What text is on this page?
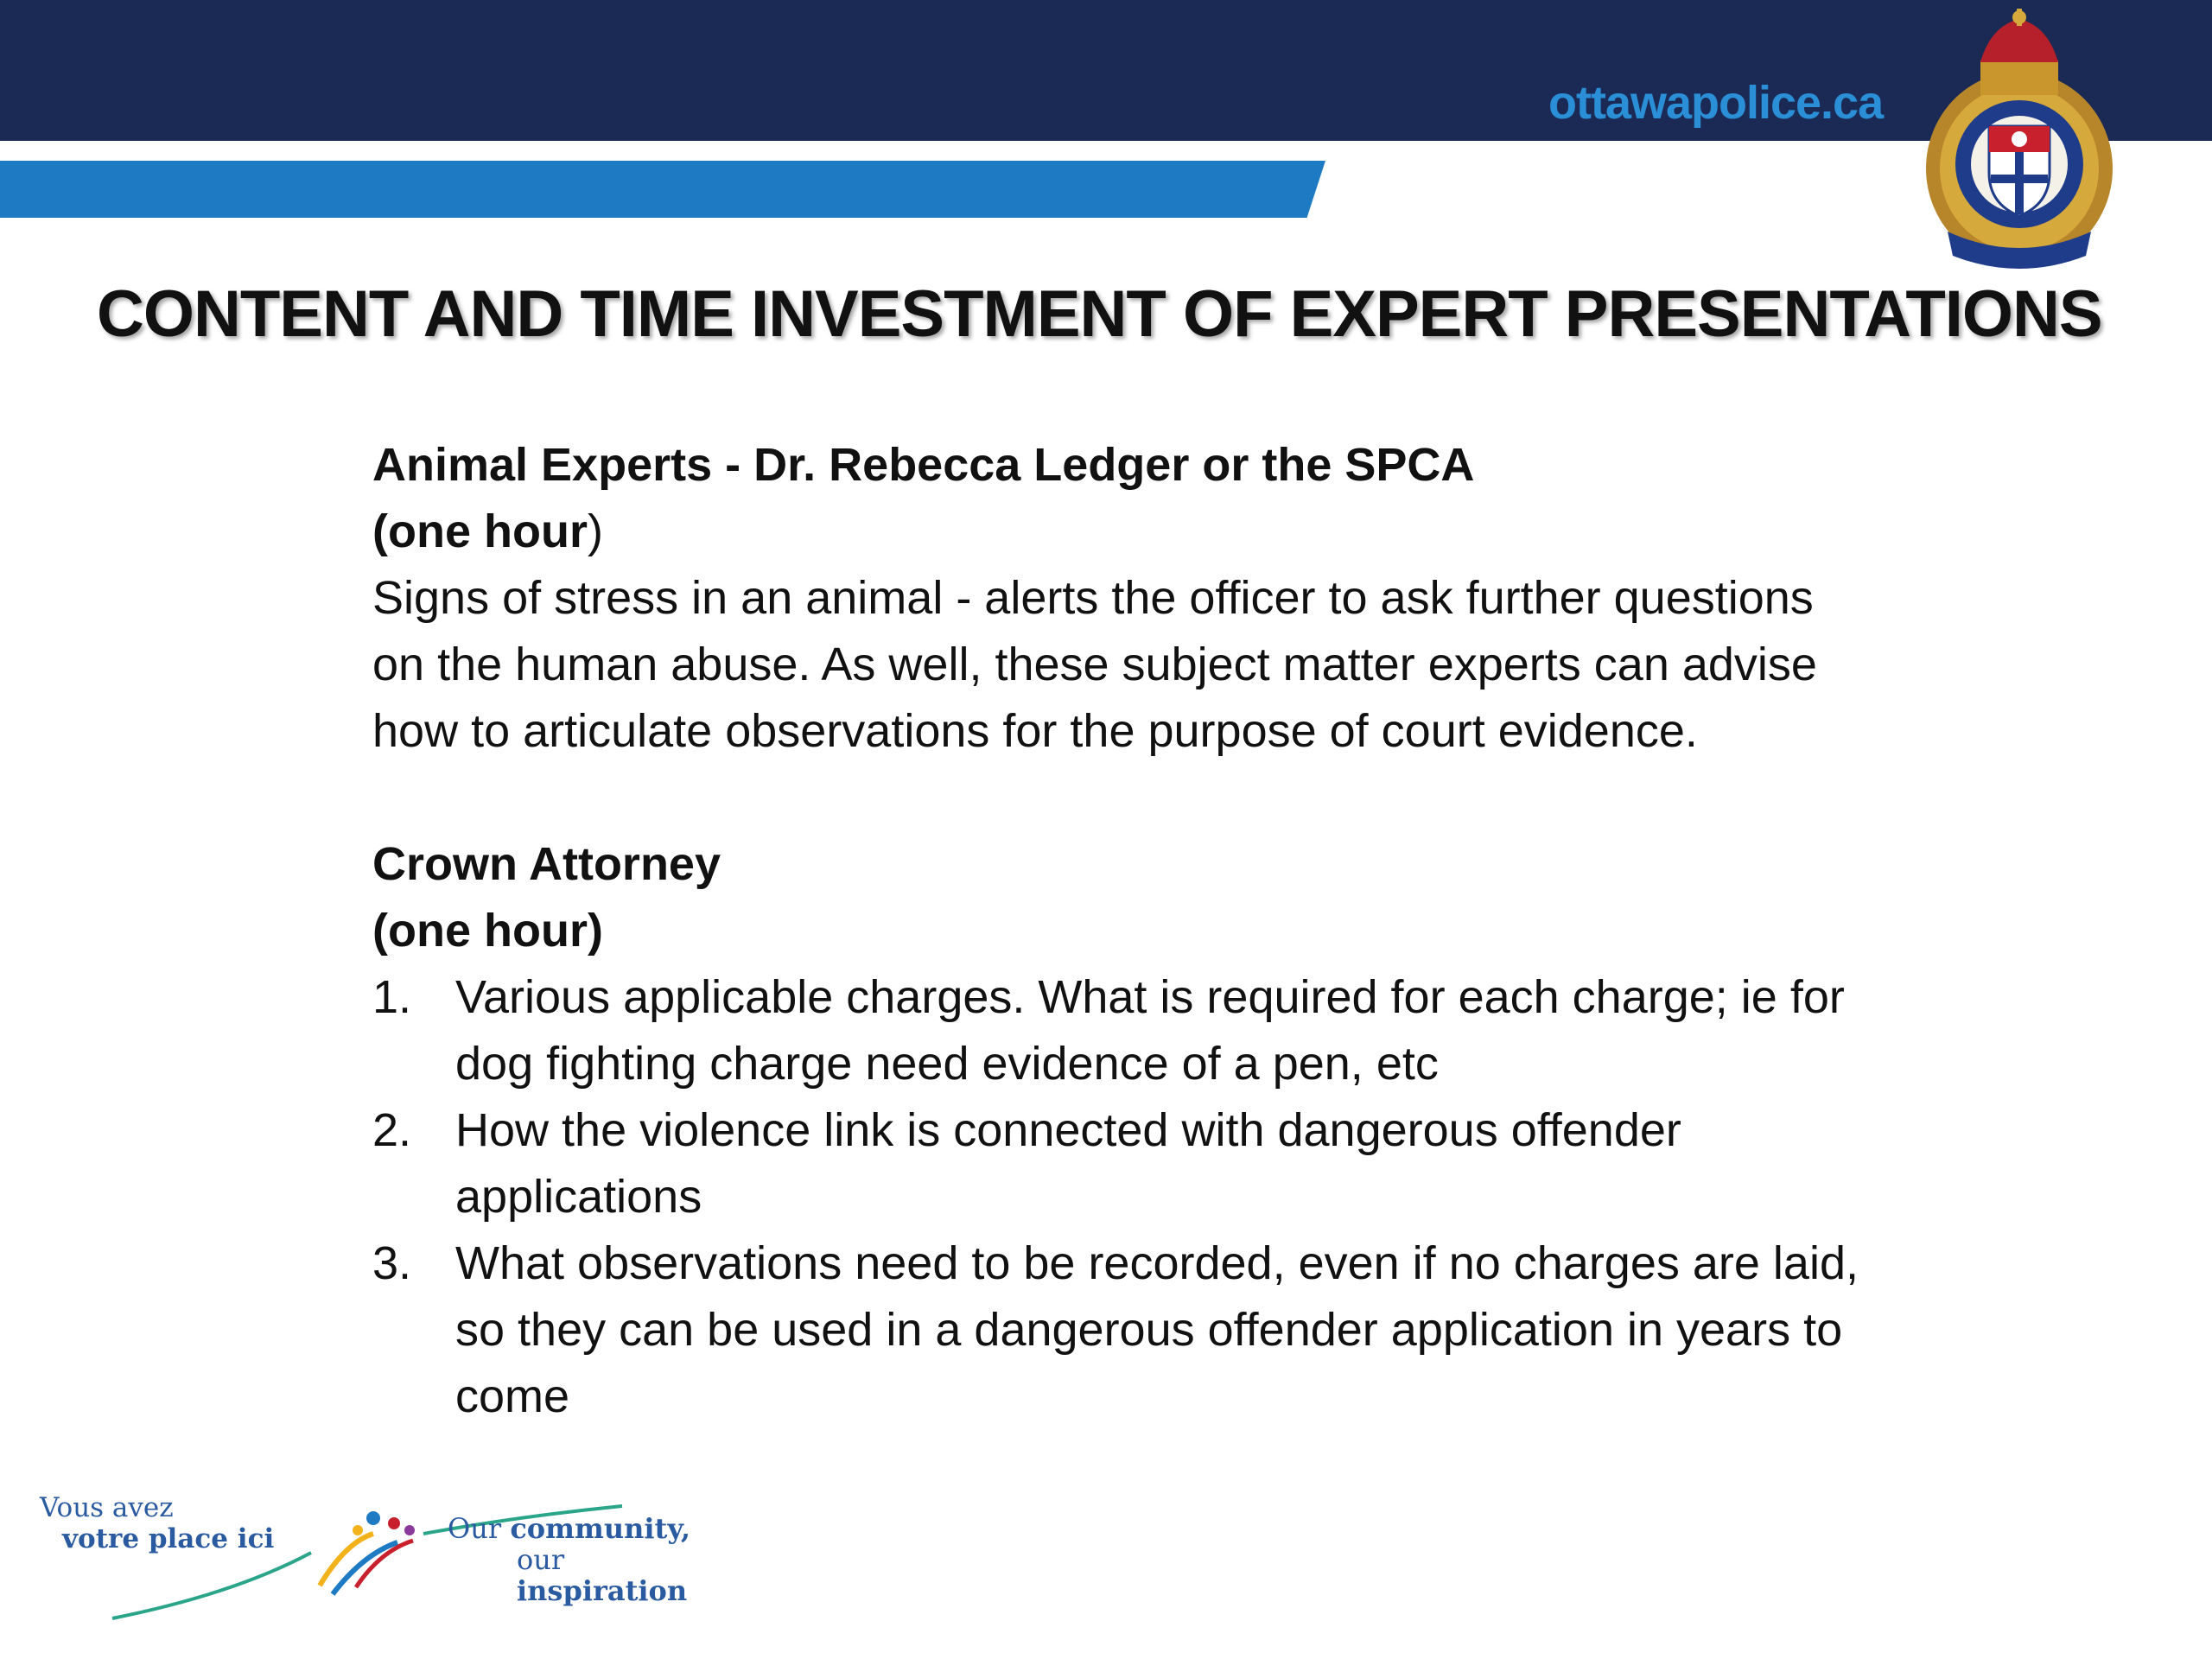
ottawapolice.ca
CONTENT AND TIME INVESTMENT OF EXPERT PRESENTATIONS

Animal Experts - Dr. Rebecca Ledger or the SPCA

(one hour)

Signs of stress in an animal - alerts the officer to ask further questions

on the human abuse. As well, these subject matter experts can advise

how to articulate observations for the purpose of court evidence.

Crown Attorney

(one hour)

1. Various applicable charges. What is required for each charge; ie for

dog fighting charge need evidence of a pen, etc

2. How the violence link is connected with dangerous offender

applications

3. What observations need to be recorded, even if no charges are laid,

so they can be used in a dangerous offender application in years to

come

Vous avez
votre place ici	Our community,
our inspiration
